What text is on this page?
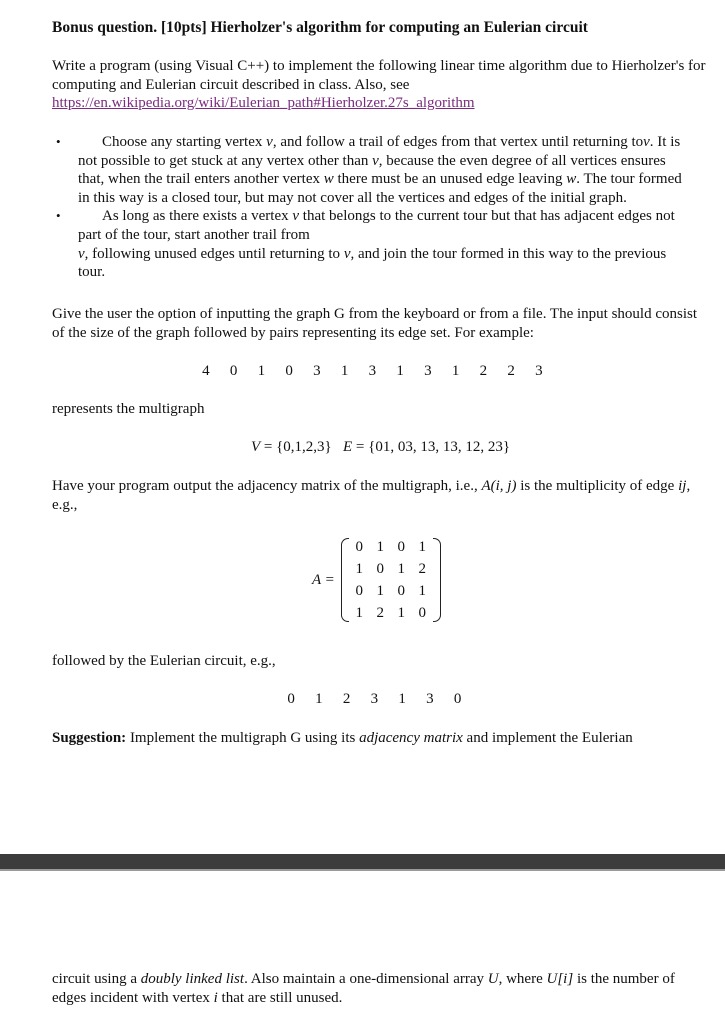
Bonus question. [10pts] Hierholzer's algorithm for computing an Eulerian circuit
Write a program (using Visual C++) to implement the following linear time algorithm due to Hierholzer's for computing and Eulerian circuit described in class. Also, see
https://en.wikipedia.org/wiki/Eulerian_path#Hierholzer.27s_algorithm
•	Choose any starting vertex v, and follow a trail of edges from that vertex until returning tov. It is not possible to get stuck at any vertex other than v, because the even degree of all vertices ensures that, when the trail enters another vertex w there must be an unused edge leaving w. The tour formed in this way is a closed tour, but may not cover all the vertices and edges of the initial graph.
•	As long as there exists a vertex v that belongs to the current tour but that has adjacent edges not part of the tour, start another trail fromv, following unused edges until returning to v, and join the tour formed in this way to the previous tour.
Give the user the option of inputting the graph G from the keyboard or from a file. The input should consist of the size of the graph followed by pairs representing its edge set. For example:
4 0 1 0 3 1 3 1 3 1 2 2 3
represents the multigraph
V = {0,1,2,3} E = {01, 03, 13, 13, 12, 23}
Have your program output the adjacency matrix of the multigraph, i.e., A(i, j) is the multiplicity of edge ij, e.g.,
A =
0 1 0 1
1 0 1 2
0 1 0 1
1 2 1 0
followed by the Eulerian circuit, e.g.,
0 1 2 3 1 3 0
Suggestion: Implement the multigraph G using its adjacency matrix and implement the Eulerian
circuit using a doubly linked list. Also maintain a one-dimensional array U, where U[i] is the number of edges incident with vertex i that are still unused.
